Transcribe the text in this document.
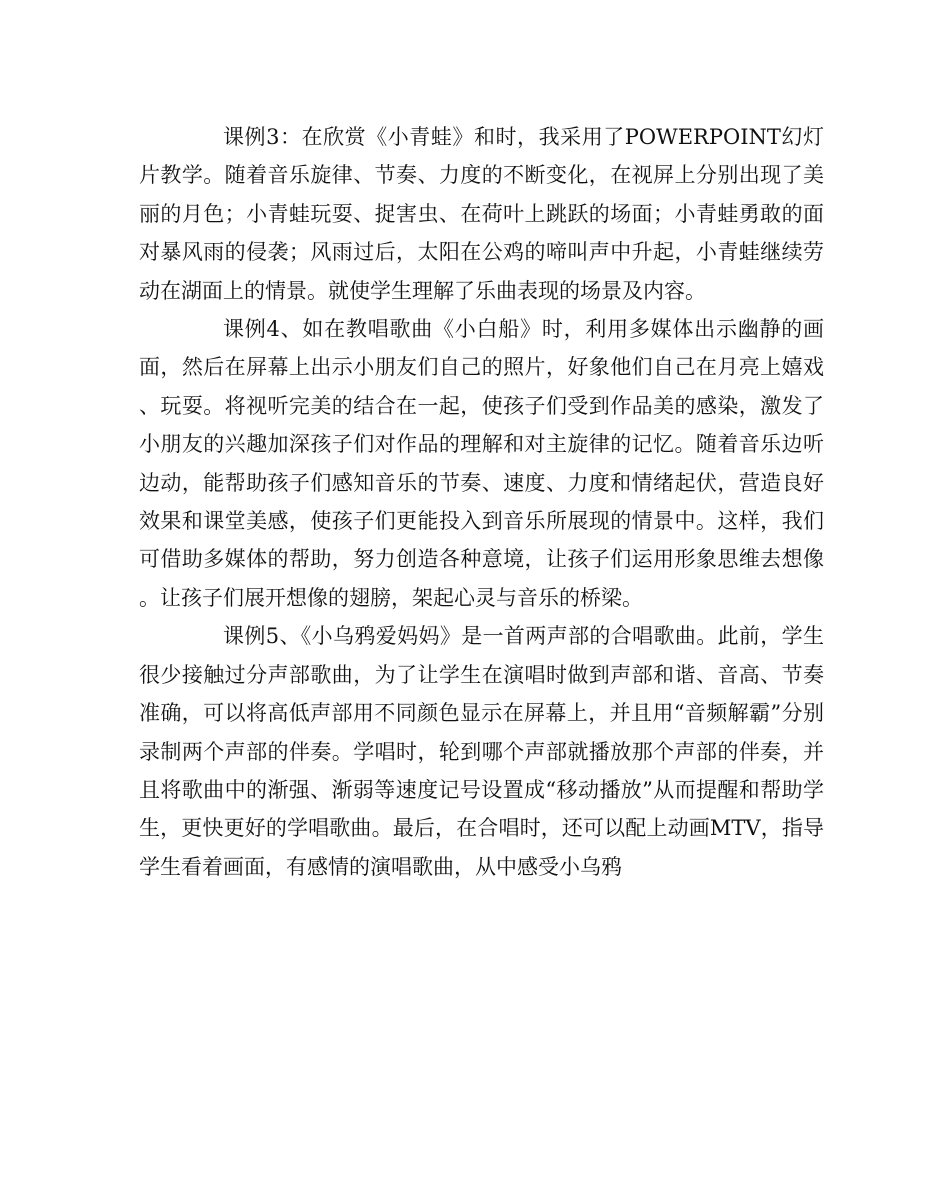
课例3：在欣赏《小青蛙》和时，我采用了POWERPOINT幻灯片教学。随着音乐旋律、节奏、力度的不断变化，在视屏上分别出现了美丽的月色；小青蛙玩耍、捉害虫、在荷叶上跳跃的场面；小青蛙勇敢的面对暴风雨的侵袭；风雨过后，太阳在公鸡的啼叫声中升起，小青蛙继续劳动在湖面上的情景。就使学生理解了乐曲表现的场景及内容。

课例4、如在教唱歌曲《小白船》时，利用多媒体出示幽静的画面，然后在屏幕上出示小朋友们自己的照片，好象他们自己在月亮上嬉戏、玩耍。将视听完美的结合在一起，使孩子们受到作品美的感染，激发了小朋友的兴趣加深孩子们对作品的理解和对主旋律的记忆。随着音乐边听边动，能帮助孩子们感知音乐的节奏、速度、力度和情绪起伏，营造良好效果和课堂美感，使孩子们更能投入到音乐所展现的情景中。这样，我们可借助多媒体的帮助，努力创造各种意境，让孩子们运用形象思维去想像。让孩子们展开想像的翅膀，架起心灵与音乐的桥梁。

课例5、《小乌鸦爱妈妈》是一首两声部的合唱歌曲。此前，学生很少接触过分声部歌曲，为了让学生在演唱时做到声部和谐、音高、节奏准确，可以将高低声部用不同颜色显示在屏幕上，并且用“音频解霸”分别录制两个声部的伴奏。学唱时，轮到哪个声部就播放那个声部的伴奏，并且将歌曲中的渐强、渐弱等速度记号设置成“移动播放”从而提醒和帮助学生，更快更好的学唱歌曲。最后，在合唱时，还可以配上动画MTV，指导学生看着画面，有感情的演唱歌曲，从中感受小乌鸦
